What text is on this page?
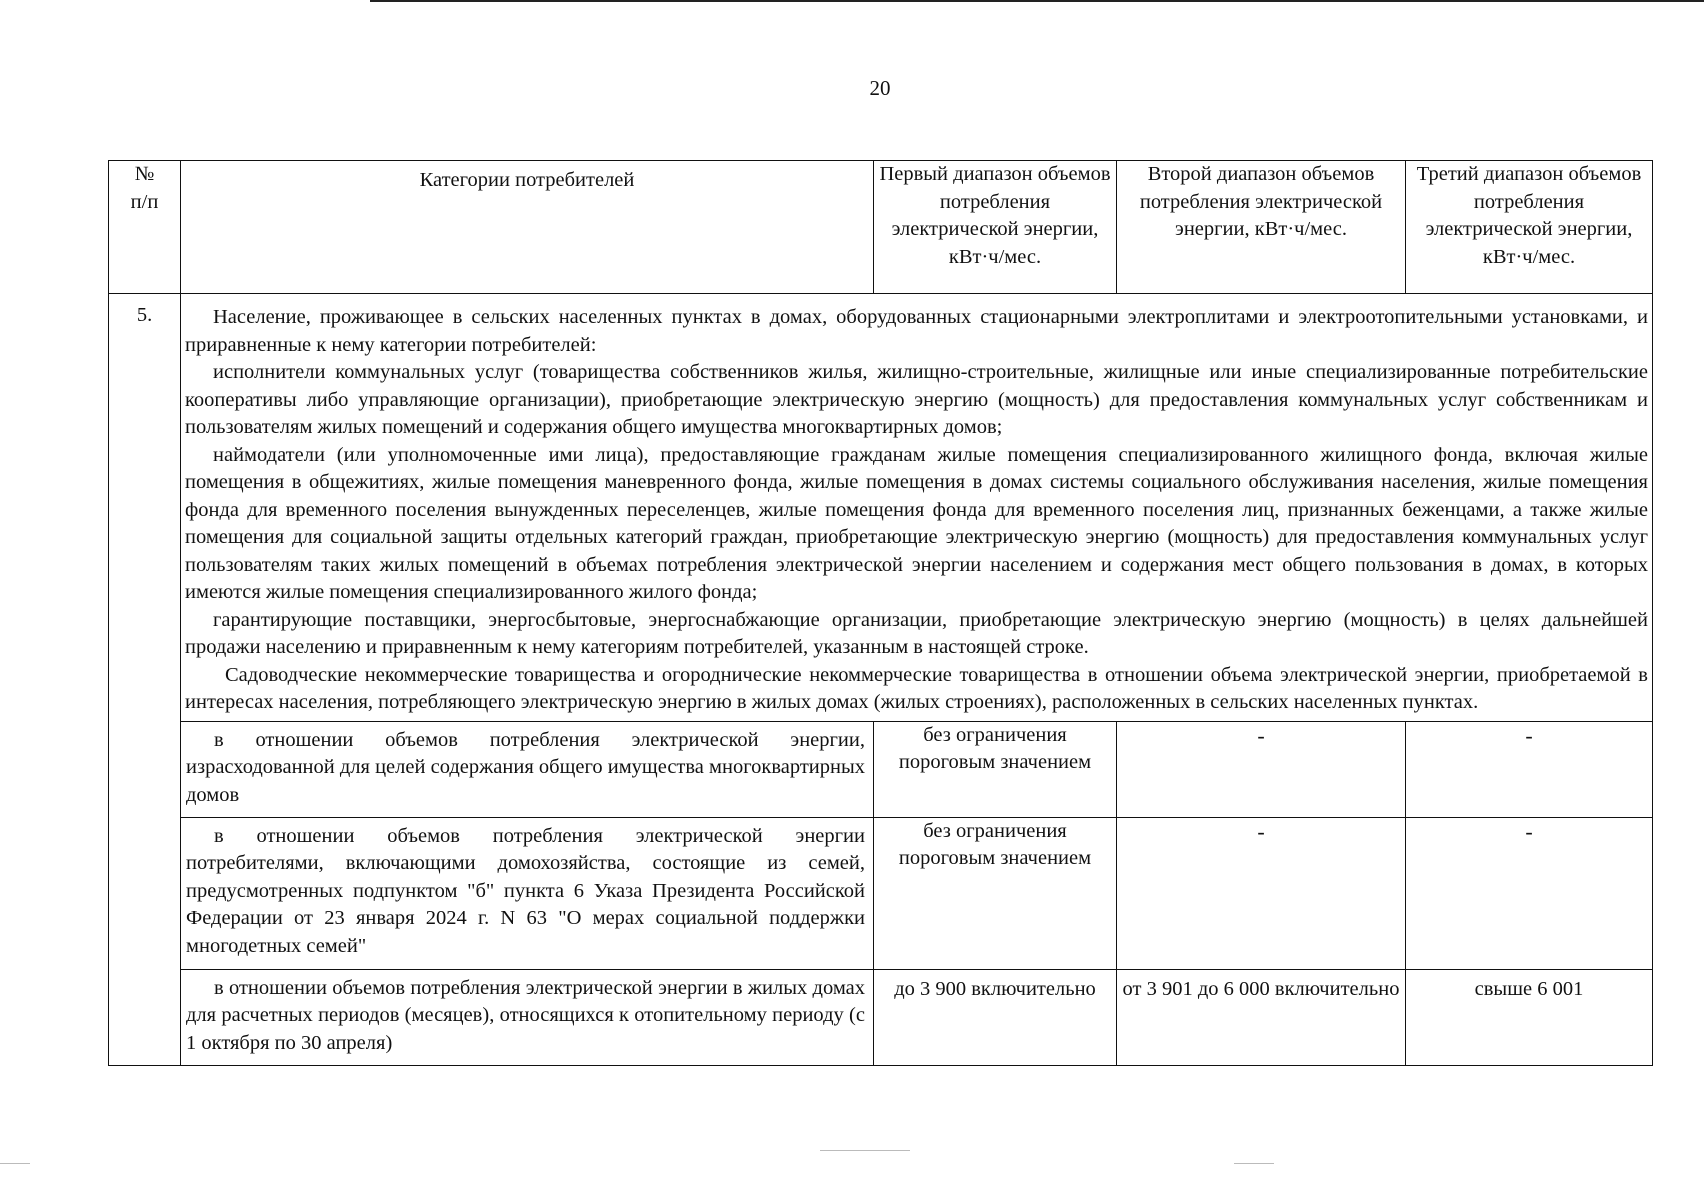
20
№
п/п	Категории потребителей	Первый диапазон объемов потребления электрической энергии, кВт·ч/мес.	Второй диапазон объемов потребления электрической энергии, кВт·ч/мес.	Третий диапазон объемов потребления электрической энергии, кВт·ч/мес.
5.	Население, проживающее в сельских населенных пунктах в домах, оборудованных стационарными электроплитами и электроотопительными установками, и приравненные к нему категории потребителей:

исполнители коммунальных услуг (товарищества собственников жилья, жилищно-строительные, жилищные или иные специализированные потребительские кооперативы либо управляющие организации), приобретающие электрическую энергию (мощность) для предоставления коммунальных услуг собственникам и пользователям жилых помещений и содержания общего имущества многоквартирных домов;

наймодатели (или уполномоченные ими лица), предоставляющие гражданам жилые помещения специализированного жилищного фонда, включая жилые помещения в общежитиях, жилые помещения маневренного фонда, жилые помещения в домах системы социального обслуживания населения, жилые помещения фонда для временного поселения вынужденных переселенцев, жилые помещения фонда для временного поселения лиц, признанных беженцами, а также жилые помещения для социальной защиты отдельных категорий граждан, приобретающие электрическую энергию (мощность) для предоставления коммунальных услуг пользователям таких жилых помещений в объемах потребления электрической энергии населением и содержания мест общего пользования в домах, в которых имеются жилые помещения специализированного жилого фонда;

гарантирующие поставщики, энергосбытовые, энергоснабжающие организации, приобретающие электрическую энергию (мощность) в целях дальнейшей продажи населению и приравненным к нему категориям потребителей, указанным в настоящей строке.

Садоводческие некоммерческие товарищества и огороднические некоммерческие товарищества в отношении объема электрической энергии, приобретаемой в интересах населения, потребляющего электрическую энергию в жилых домах (жилых строениях), расположенных в сельских населенных пунктах.			

	в отношении объемов потребления электрической энергии, израсходованной для целей содержания общего имущества многоквартирных домов	без ограничения пороговым значением	-	-

	в отношении объемов потребления электрической энергии потребителями, включающими домохозяйства, состоящие из семей, предусмотренных подпунктом "б" пункта 6 Указа Президента Российской Федерации от 23 января 2024 г. N 63 "О мерах социальной поддержки многодетных семей"	без ограничения пороговым значением	-	-

	в отношении объемов потребления электрической энергии в жилых домах для расчетных периодов (месяцев), относящихся к отопительному периоду (с 1 октября по 30 апреля)	до 3 900 включительно	от 3 901 до 6 000 включительно	свыше 6 001
